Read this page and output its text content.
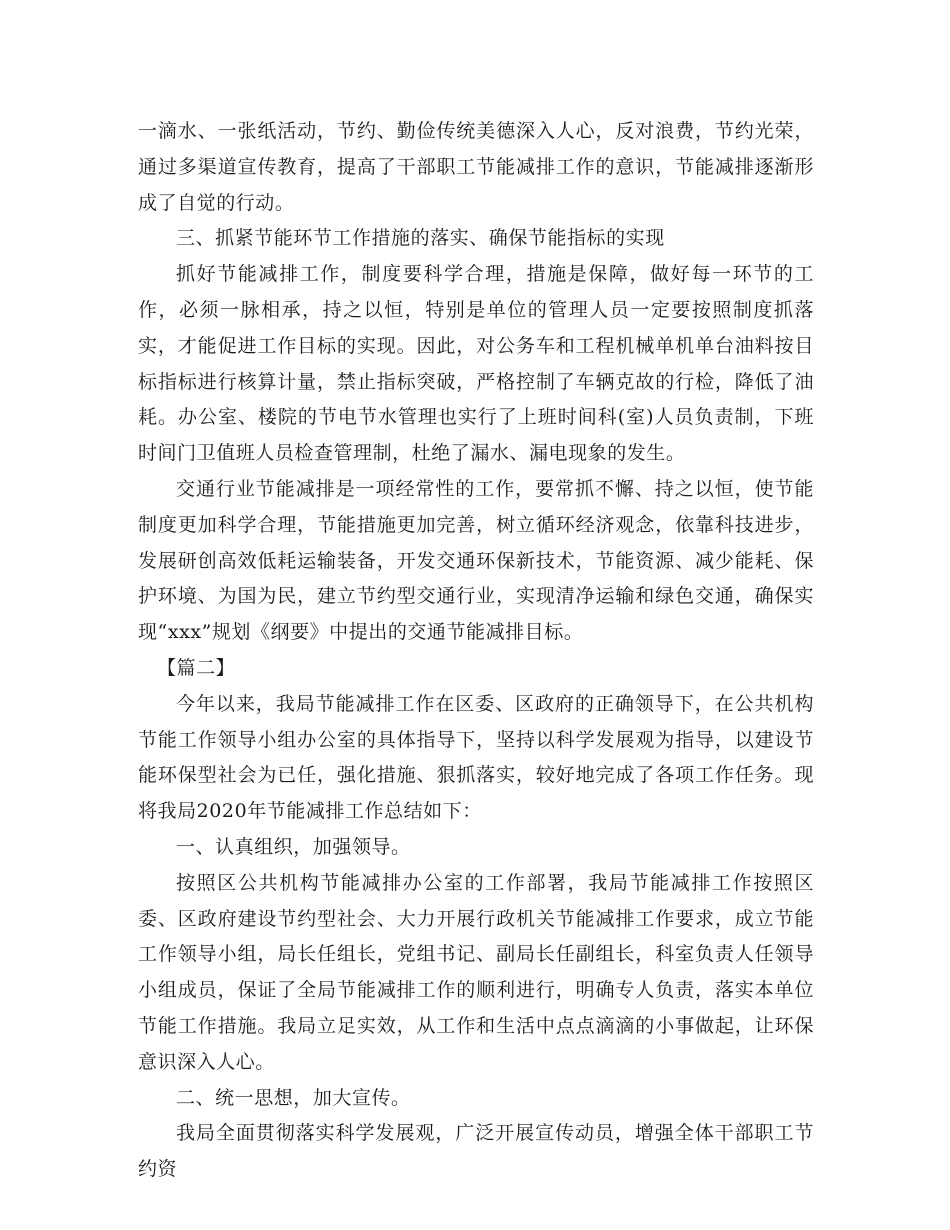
一滴水、一张纸活动，节约、勤俭传统美德深入人心，反对浪费，节约光荣，通过多渠道宣传教育，提高了干部职工节能减排工作的意识，节能减排逐渐形成了自觉的行动。

三、抓紧节能环节工作措施的落实、确保节能指标的实现

抓好节能减排工作，制度要科学合理，措施是保障，做好每一环节的工作，必须一脉相承，持之以恒，特别是单位的管理人员一定要按照制度抓落实，才能促进工作目标的实现。因此，对公务车和工程机械单机单台油料按目标指标进行核算计量，禁止指标突破，严格控制了车辆克故的行检，降低了油耗。办公室、楼院的节电节水管理也实行了上班时间科(室)人员负责制，下班时间门卫值班人员检查管理制，杜绝了漏水、漏电现象的发生。

交通行业节能减排是一项经常性的工作，要常抓不懈、持之以恒，使节能制度更加科学合理，节能措施更加完善，树立循环经济观念，依靠科技进步，发展研创高效低耗运输装备，开发交通环保新技术，节能资源、减少能耗、保护环境、为国为民，建立节约型交通行业，实现清净运输和绿色交通，确保实现“xxx”规划《纲要》中提出的交通节能减排目标。

【篇二】

今年以来，我局节能减排工作在区委、区政府的正确领导下，在公共机构节能工作领导小组办公室的具体指导下，坚持以科学发展观为指导，以建设节能环保型社会为已任，强化措施、狠抓落实，较好地完成了各项工作任务。现将我局2020年节能减排工作总结如下：

一、认真组织，加强领导。

按照区公共机构节能减排办公室的工作部署，我局节能减排工作按照区委、区政府建设节约型社会、大力开展行政机关节能减排工作要求，成立节能工作领导小组，局长任组长，党组书记、副局长任副组长，科室负责人任领导小组成员，保证了全局节能减排工作的顺利进行，明确专人负责，落实本单位节能工作措施。我局立足实效，从工作和生活中点点滴滴的小事做起，让环保意识深入人心。

二、统一思想，加大宣传。

我局全面贯彻落实科学发展观，广泛开展宣传动员，增强全体干部职工节约资
